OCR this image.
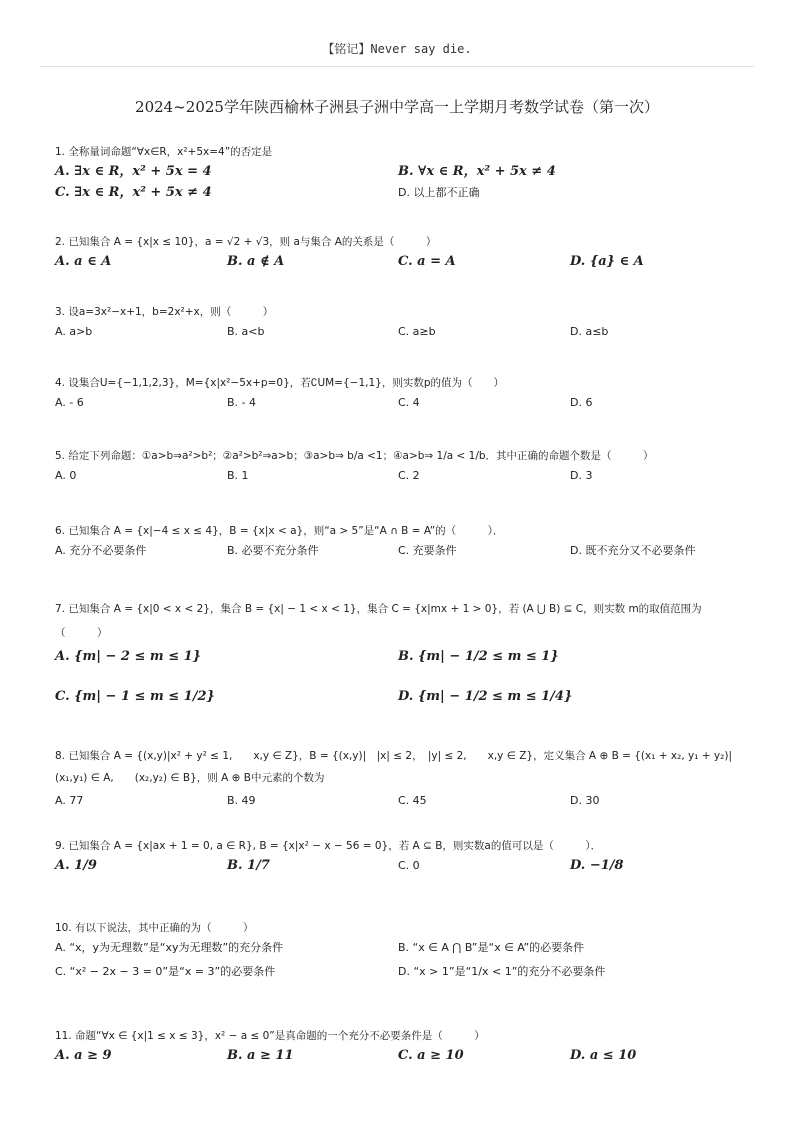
【铭记】Never say die.
2024~2025学年陕西榆林子洲县子洲中学高一上学期月考数学试卷（第一次）
1. 全称量词命题“∀x∈R，x²+5x=4”的否定是
A. ∃x ∈ R，x² + 5x = 4	B. ∀x ∈ R，x² + 5x ≠ 4
C. ∃x ∈ R，x² + 5x ≠ 4	D. 以上都不正确
2. 已知集合 A = {x|x ≤ 10}，a = √2 + √3，则 a与集合 A的关系是（　　　）
A. a ∈ A	B. a ∉ A	C. a = A	D. {a} ∈ A
3. 设a=3x²−x+1，b=2x²+x，则（　　　）
A. a>b	B. a<b	C. a≥b	D. a≤b
4. 设集合U={−1,1,2,3}，M={x|x²−5x+p=0}，若∁UM={−1,1}，则实数p的值为（　　）
A. - 6	B. - 4	C. 4	D. 6
5. 给定下列命题：①a>b⇒a²>b²；②a²>b²⇒a>b；③a>b⇒ b/a <1；④a>b⇒ 1/a < 1/b．其中正确的命题个数是（　　　）
A. 0	B. 1	C. 2	D. 3
6. 已知集合 A = {x|−4 ≤ x ≤ 4}，B = {x|x < a}，则“a > 5”是“A ∩ B = A”的（　　　）．
A. 充分不必要条件	B. 必要不充分条件	C. 充要条件	D. 既不充分又不必要条件
7. 已知集合 A = {x|0 < x < 2}，集合 B = {x| − 1 < x < 1}，集合 C = {x|mx + 1 > 0}，若 (A ⋃ B) ⊆ C，则实数 m的取值范围为（　　　）
A. {m| − 2 ≤ m ≤ 1}	B. {m| − 1/2 ≤ m ≤ 1}
C. {m| − 1 ≤ m ≤ 1/2}	D. {m| − 1/2 ≤ m ≤ 1/4}
8. 已知集合 A = {(x,y)|x² + y² ≤ 1,　　x,y ∈ Z}，B = {(x,y)|　|x| ≤ 2，　|y| ≤ 2,　　x,y ∈ Z}，定义集合 A ⊕ B = {(x₁ + x₂, y₁ + y₂)|(x₁,y₁) ∈ A,　　(x₂,y₂) ∈ B}，则 A ⊕ B中元素的个数为
A. 77	B. 49	C. 45	D. 30
9. 已知集合 A = {x|ax + 1 = 0, a ∈ R}, B = {x|x² − x − 56 = 0}，若 A ⊆ B，则实数a的值可以是（　　　）．
A. 1/9	B. 1/7	C. 0	D. −1/8
10. 有以下说法，其中正确的为（　　　）
A. “x，y为无理数”是“xy为无理数”的充分条件	B. “x ∈ A ⋂ B”是“x ∈ A”的必要条件
C. “x² − 2x − 3 = 0”是“x = 3”的必要条件	D. “x > 1”是“1/x < 1”的充分不必要条件
11. 命题“∀x ∈ {x|1 ≤ x ≤ 3}，x² − a ≤ 0”是真命题的一个充分不必要条件是（　　　）
A. a ≥ 9	B. a ≥ 11	C. a ≥ 10	D. a ≤ 10
